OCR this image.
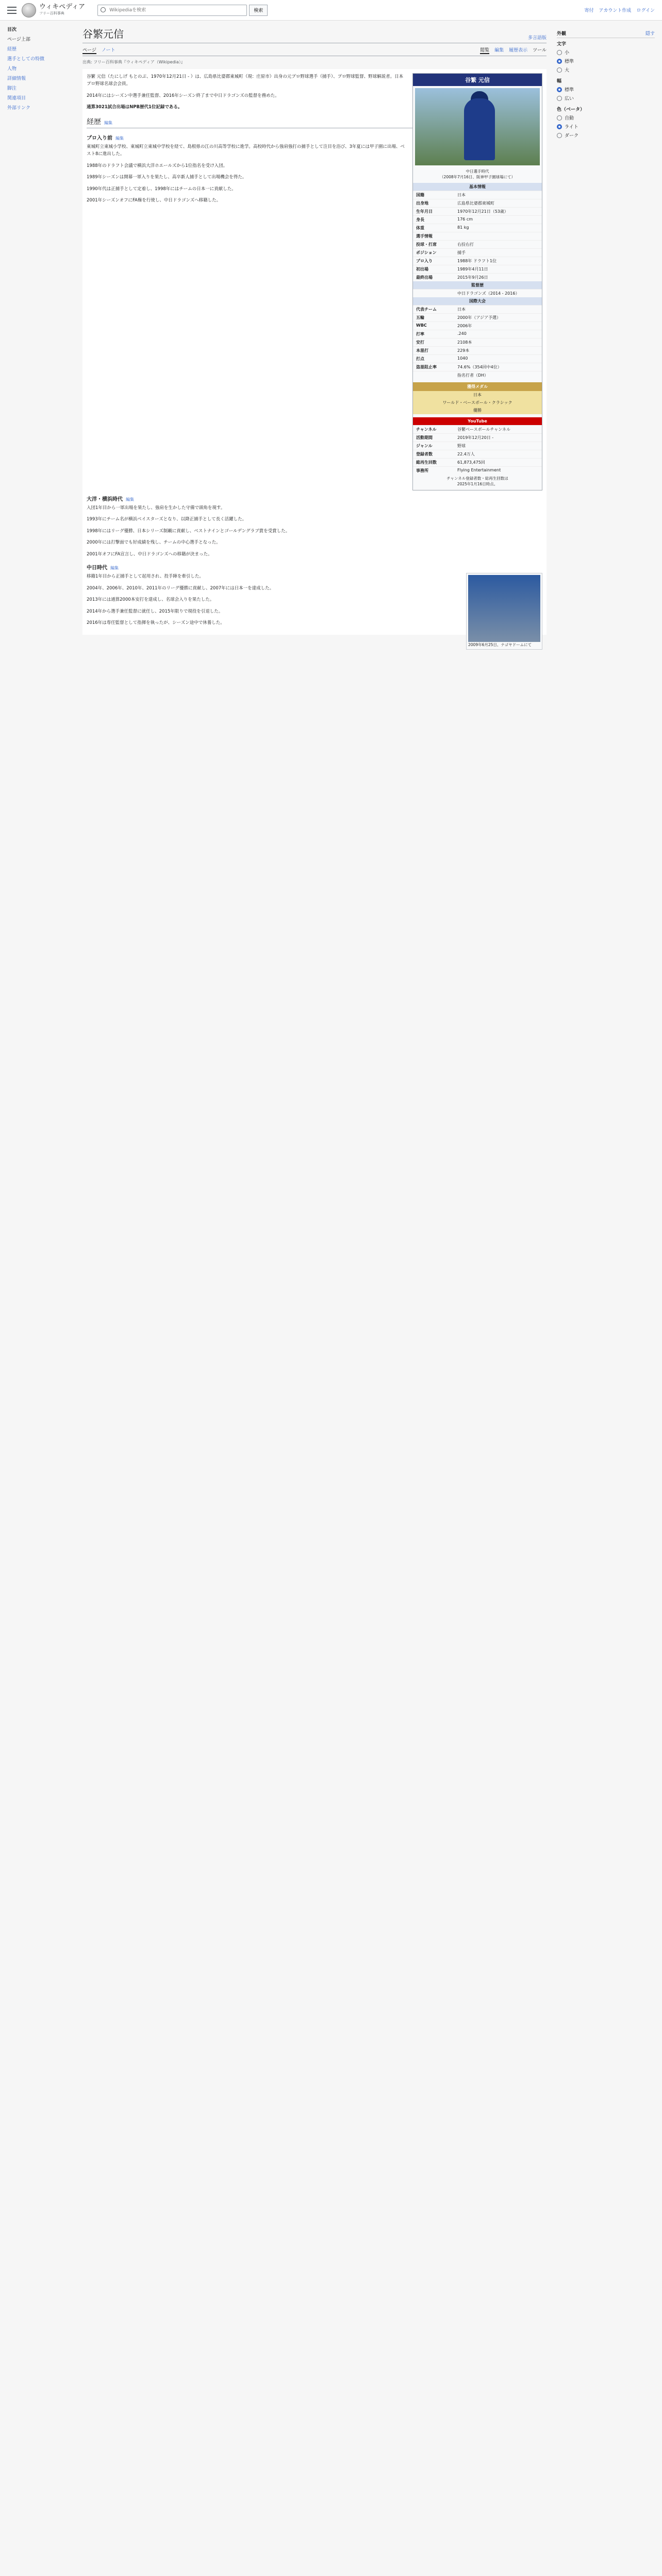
ウィキペディア
フリー百科事典
Wikipediaを検索	検索	寄付 アカウント作成 ログイン
目次
ページ上部
経歴
選手としての特徴
人物
詳細情報
脚注
関連項目
外部リンク
谷繁元信	多言語版
ページ ノート	閲覧 編集 履歴表示 ツール
出典: フリー百科事典『ウィキペディア（Wikipedia）』
谷繁 元信
中日選手時代
（2008年7月16日、阪神甲子園球場にて）
基本情報
国籍	日本
出身地	広島県比婆郡東城町
生年月日	1970年12月21日（53歳）
身長	176 cm
体重	81 kg
選手情報
投球・打席	右投右打
ポジション	捕手
プロ入り	1988年 ドラフト1位
初出場	1989年4月11日
最終出場	2015年9月26日
監督歴
中日ドラゴンズ（2014 - 2016）
国際大会
代表チーム	日本
五輪	2000年（アジア予選）
WBC	2006年
打率	.240
安打	2108本
本塁打	229本
打点	1040
盗塁阻止率	74.6%（354回中4位）
指名打者（DH）
獲得メダル
日本
ワールド・ベースボール・クラシック
優勝
YouTube
チャンネル	谷繁ベースボールチャンネル
活動期間	2019年12月20日 -
ジャンル	野球
登録者数	22.4万人
総再生回数	61,873,475回
事務所	Flying Entertainment
チャンネル登録者数・総再生回数は
2025年1月16日時点。

谷繁 元信（たにしげ もとのぶ、1970年12月21日 - ）は、広島県比婆郡東城町（現：庄原市）出身の元プロ野球選手（捕手）、プロ野球監督、野球解説者。日本プロ野球名球会会員。

2014年にはシーズン中選手兼任監督、2016年シーズン終了まで中日ドラゴンズの監督を務めた。

通算3021試合出場はNPB歴代1位記録である。

経歴 編集
プロ入り前 編集

東城町立東城小学校、東城町立東城中学校を経て、島根県の江の川高等学校に進学。高校時代から強肩強打の捕手として注目を浴び、3年夏には甲子園に出場、ベスト8に進出した。

1988年のドラフト会議で横浜大洋ホエールズから1位指名を受け入団。

1989年シーズンは開幕一軍入りを果たし、高卒新人捕手として出場機会を得た。

1990年代は正捕手として定着し、1998年にはチームの日本一に貢献した。

2001年シーズンオフにFA権を行使し、中日ドラゴンズへ移籍した。

大洋・横浜時代 編集

入団1年目から一軍出場を果たし、強肩を生かした守備で頭角を現す。

1993年にチーム名が横浜ベイスターズとなり、以降正捕手として長く活躍した。

1998年にはリーグ優勝、日本シリーズ制覇に貢献し、ベストナインとゴールデングラブ賞を受賞した。

2000年には打撃面でも好成績を残し、チームの中心選手となった。

2001年オフにFA宣言し、中日ドラゴンズへの移籍が決まった。

中日時代 編集
2009年6月25日、ナゴヤドームにて

移籍1年目から正捕手として起用され、投手陣を牽引した。

2004年、2006年、2010年、2011年のリーグ優勝に貢献し、2007年には日本一を達成した。

2013年には通算2000本安打を達成し、名球会入りを果たした。

2014年から選手兼任監督に就任し、2015年限りで現役を引退した。

2016年は専任監督として指揮を執ったが、シーズン途中で休養した。

外観	隠す
文字
小
標準
大
幅
標準
広い
色（ベータ）
自動
ライト
ダーク
